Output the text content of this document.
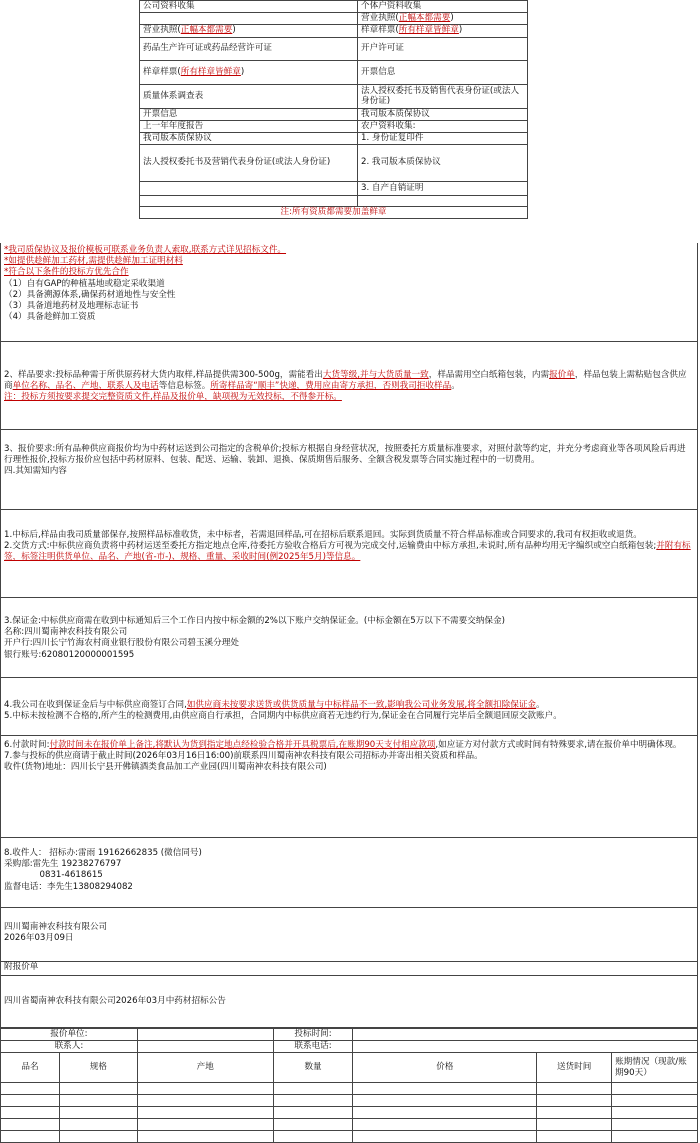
公司资料收集	个体户资料收集
	营业执照(正幅本都需要)
营业执照(正幅本都需要)	样章样票(所有样章皆鲜章)
药品生产许可证或药品经营许可证	开户许可证
样章样票(所有样章皆鲜章)	开票信息
质量体系调查表	法人授权委托书及销售代表身份证(或法人身份证)
开票信息	我司版本质保协议
上一年年度报告	农户资料收集:
我司版本质保协议	1. 身份证复印件
法人授权委托书及营销代表身份证(或法人身份证)	2. 我司版本质保协议
	3. 自产自销证明

注:所有资质都需要加盖鲜章	

*我司质保协议及报价模板可联系业务负责人索取,联系方式详见招标文件。

*如提供趁鲜加工药材,需提供趁鲜加工证明材料

*符合以下条件的投标方优先合作

（1）自有GAP的种植基地或稳定采收渠道

（2）具备溯源体系,确保药材道地性与安全性

（3）具备道地药材及地理标志证书

（4）具备趁鲜加工资质

2、样品要求:投标品种需于所供原药材大货内取样,样品提供需300-500g，需能看出大货等级,并与大货质量一致，样品需用空白纸箱包装，内需报价单，样品包装上需粘贴包含供应商单位名称、品名、产地、联系人及电话等信息标签。所寄样品寄“顺丰”快递，费用应由寄方承担，否则我司拒收样品。

注：投标方须按要求提交完整资质文件,样品及报价单，缺项视为无效投标，不得参开标。

3、报价要求:所有品种供应商报价均为中药材运送到公司指定的含税单价;投标方根据自身经营状况，按照委托方质量标准要求，对照付款等约定，并充分考虑商业等各项风险后再进行理性报价,投标方报价应包括中药材原料、包装、配送、运输、装卸、退换、保质期售后服务、全额含税发票等合同实施过程中的一切费用。

四.其知需知内容

1.中标后,样品由我司质量部保存,按照样品标准收货，未中标者，若需退回样品,可在招标后联系退回。实际到货质量不符合样品标准或合同要求的,我司有权拒收或退货。

2.交货方式:中标供应商负责将中药材运送至委托方指定地点仓库,待委托方验收合格后方可视为完成交付,运输费由中标方承担,未说时,所有品种均用无字编织或空白纸箱包装;并附有标签，标签注明供货单位、品名、产地(省-市-)、规格、重量、采收时间(例2025年5月)等信息。

3.保证金:中标供应商需在收到中标通知后三个工作日内按中标金额的2%以下账户交纳保证金。(中标金额在5万以下不需要交纳保金)

名称:四川蜀南神农科技有限公司

开户行:四川长宁竹海农村商业银行股份有限公司碧玉溪分理处

银行账号:62080120000001595

4.我公司在收到保证金后与中标供应商签订合同,如供应商未按要求送货或供货质量与中标样品不一致,影响我公司业务发展,将全额扣除保证金。

5.中标未按检测不合格的,所产生的检测费用,由供应商自行承担，合同期内中标供应商若无违约行为,保证金在合同履行完毕后全额退回原交款账户。

6.付款时间:付款时间未在报价单上备注,将默认为货到指定地点经检验合格并开具税票后,在账期90天支付相应款项,如应证方对付款方式或时间有特殊要求,请在报价单中明确体现。

7.参与投标的供应商请于截止时间(2026年03月16日16:00)前联系四川蜀南神农科技有限公司招标办并寄出相关资质和样品。

收件(货物)地址：四川长宁县开佛镇酒类食品加工产业园(四川蜀南神农科技有限公司)

8.收件人： 招标办:雷雨 19162662835 (微信同号)

采购部:雷先生 19238276797

0831-4618615

监督电话：李先生13808294082

四川蜀南神农科技有限公司

2026年03月09日

附报价单

四川省蜀南神农科技有限公司2026年03月中药材招标公告

报价单位:			投标时间:			
联系人:			联系电话:			
品名	规格	产地	数量	价格	送货时间	账期情况（现款/账期90天）
